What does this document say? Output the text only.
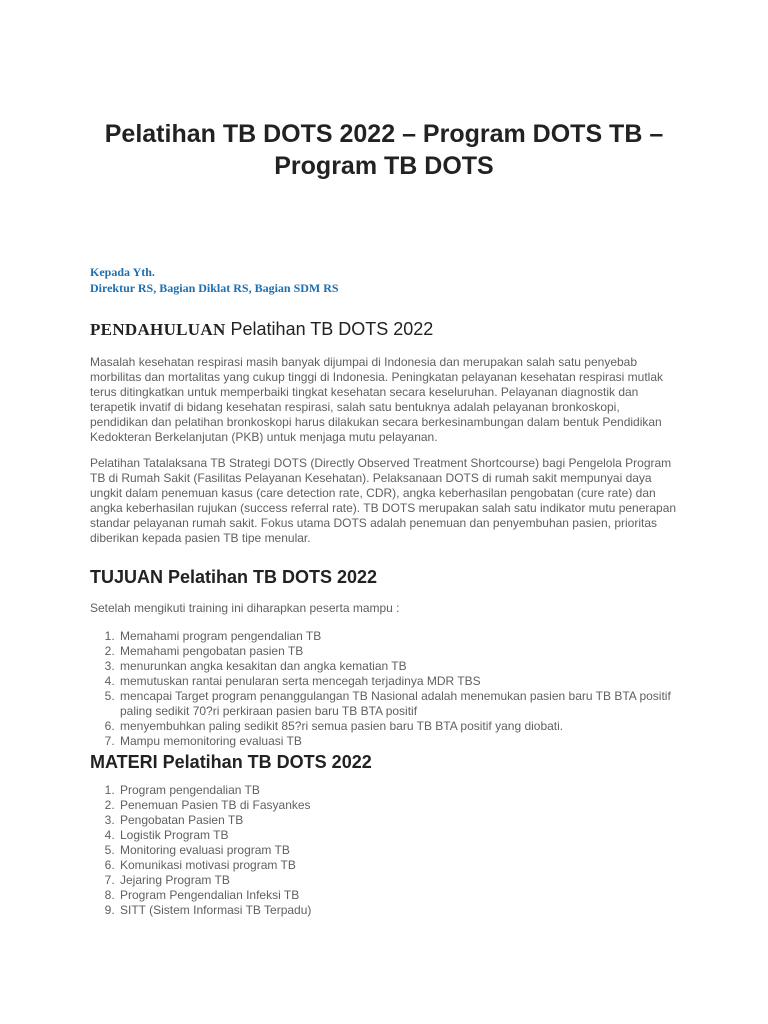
Pelatihan TB DOTS 2022 – Program DOTS TB – Program TB DOTS
Kepada Yth.
Direktur RS, Bagian Diklat RS, Bagian SDM RS
PENDAHULUAN Pelatihan TB DOTS 2022

Masalah kesehatan respirasi masih banyak dijumpai di Indonesia dan merupakan salah satu penyebab morbilitas dan mortalitas yang cukup tinggi di Indonesia. Peningkatan pelayanan kesehatan respirasi mutlak terus ditingkatkan untuk memperbaiki tingkat kesehatan secara keseluruhan. Pelayanan diagnostik dan terapetik invatif di bidang kesehatan respirasi, salah satu bentuknya adalah pelayanan bronkoskopi, pendidikan dan pelatihan bronkoskopi harus dilakukan secara berkesinambungan dalam bentuk Pendidikan Kedokteran Berkelanjutan (PKB) untuk menjaga mutu pelayanan.

Pelatihan Tatalaksana TB Strategi DOTS (Directly Observed Treatment Shortcourse) bagi Pengelola Program TB di Rumah Sakit (Fasilitas Pelayanan Kesehatan). Pelaksanaan DOTS di rumah sakit mempunyai daya ungkit dalam penemuan kasus (care detection rate, CDR), angka keberhasilan pengobatan (cure rate) dan angka keberhasilan rujukan (success referral rate). TB DOTS merupakan salah satu indikator mutu penerapan standar pelayanan rumah sakit. Fokus utama DOTS adalah penemuan dan penyembuhan pasien, prioritas diberikan kepada pasien TB tipe menular.

TUJUAN Pelatihan TB DOTS 2022

Setelah mengikuti training ini diharapkan peserta mampu :

1. Memahami program pengendalian TB
2. Memahami pengobatan pasien TB
3. menurunkan angka kesakitan dan angka kematian TB
4. memutuskan rantai penularan serta mencegah terjadinya MDR TBS
5. mencapai Target program penanggulangan TB Nasional adalah menemukan pasien baru TB BTA positif paling sedikit 70?ri perkiraan pasien baru TB BTA positif
6. menyembuhkan paling sedikit 85?ri semua pasien baru TB BTA positif yang diobati.
7. Mampu memonitoring evaluasi TB
MATERI Pelatihan TB DOTS 2022
1. Program pengendalian TB
2. Penemuan Pasien TB di Fasyankes
3. Pengobatan Pasien TB
4. Logistik Program TB
5. Monitoring evaluasi program TB
6. Komunikasi motivasi program TB
7. Jejaring Program TB
8. Program Pengendalian Infeksi TB
9. SITT (Sistem Informasi TB Terpadu)
